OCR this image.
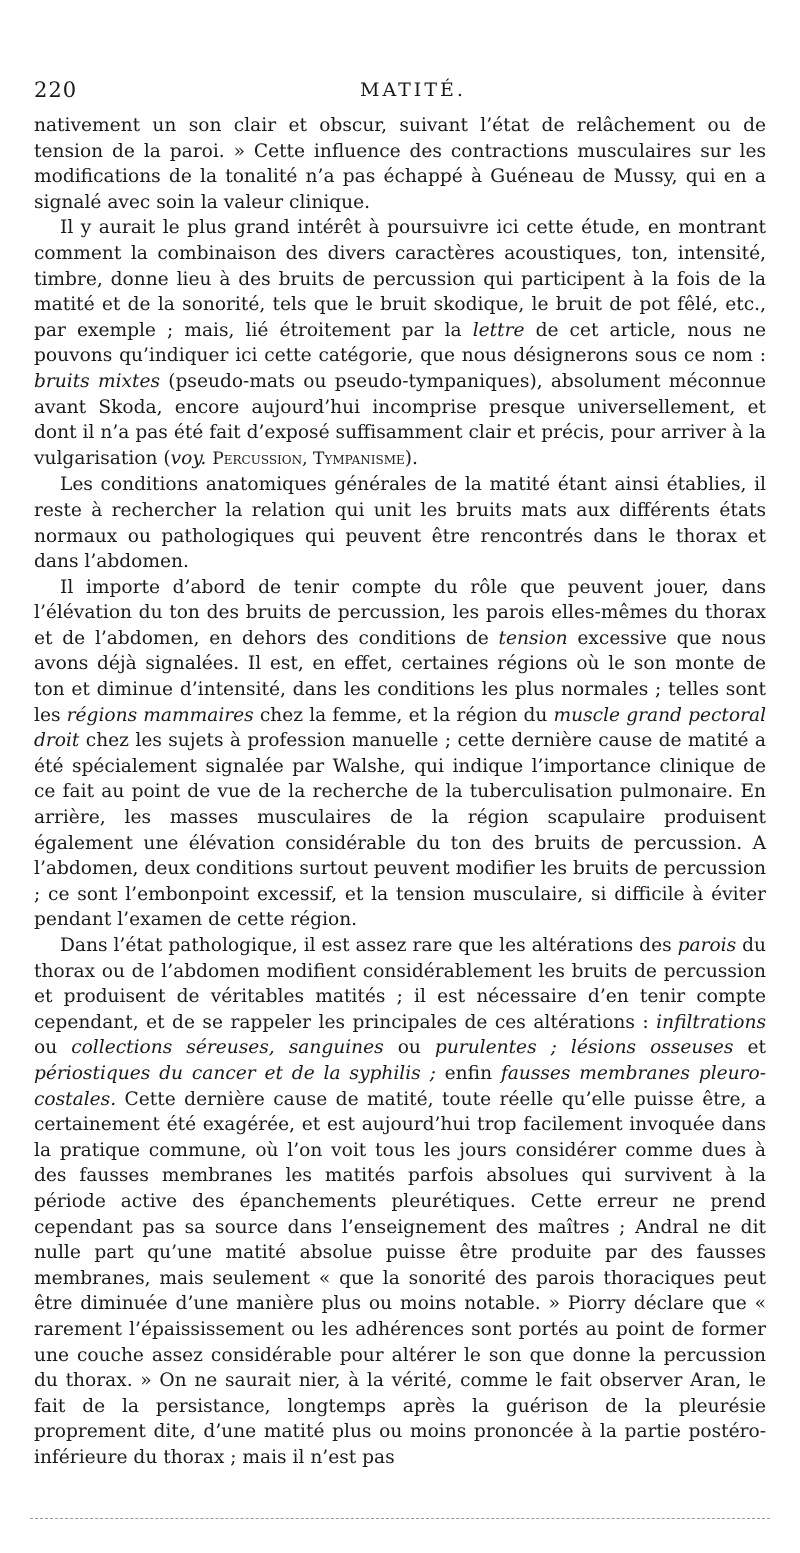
220	MATITÉ.

nativement un son clair et obscur, suivant l’état de relâchement ou de tension de la paroi. » Cette influence des contractions musculaires sur les modifications de la tonalité n’a pas échappé à Guéneau de Mussy, qui en a signalé avec soin la valeur clinique.

Il y aurait le plus grand intérêt à poursuivre ici cette étude, en montrant comment la combinaison des divers caractères acoustiques, ton, intensité, timbre, donne lieu à des bruits de percussion qui participent à la fois de la matité et de la sonorité, tels que le bruit skodique, le bruit de pot fêlé, etc., par exemple ; mais, lié étroitement par la lettre de cet article, nous ne pouvons qu’indiquer ici cette catégorie, que nous désignerons sous ce nom : bruits mixtes (pseudo-mats ou pseudo-tympaniques), absolument méconnue avant Skoda, encore aujourd’hui incomprise presque universellement, et dont il n’a pas été fait d’exposé suffisamment clair et précis, pour arriver à la vulgarisation (voy. Percussion, Tympanisme).

Les conditions anatomiques générales de la matité étant ainsi établies, il reste à rechercher la relation qui unit les bruits mats aux différents états normaux ou pathologiques qui peuvent être rencontrés dans le thorax et dans l’abdomen.

Il importe d’abord de tenir compte du rôle que peuvent jouer, dans l’élévation du ton des bruits de percussion, les parois elles-mêmes du thorax et de l’abdomen, en dehors des conditions de tension excessive que nous avons déjà signalées. Il est, en effet, certaines régions où le son monte de ton et diminue d’intensité, dans les conditions les plus normales ; telles sont les régions mammaires chez la femme, et la région du muscle grand pectoral droit chez les sujets à profession manuelle ; cette dernière cause de matité a été spécialement signalée par Walshe, qui indique l’importance clinique de ce fait au point de vue de la recherche de la tuberculisation pulmonaire. En arrière, les masses musculaires de la région scapulaire produisent également une élévation considérable du ton des bruits de percussion. A l’abdomen, deux conditions surtout peuvent modifier les bruits de percussion ; ce sont l’embonpoint excessif, et la tension musculaire, si difficile à éviter pendant l’examen de cette région.

Dans l’état pathologique, il est assez rare que les altérations des parois du thorax ou de l’abdomen modifient considérablement les bruits de percussion et produisent de véritables matités ; il est nécessaire d’en tenir compte cependant, et de se rappeler les principales de ces altérations : infiltrations ou collections séreuses, sanguines ou purulentes ; lésions osseuses et périostiques du cancer et de la syphilis ; enfin fausses membranes pleuro-costales. Cette dernière cause de matité, toute réelle qu’elle puisse être, a certainement été exagérée, et est aujourd’hui trop facilement invoquée dans la pratique commune, où l’on voit tous les jours considérer comme dues à des fausses membranes les matités parfois absolues qui survivent à la période active des épanchements pleurétiques. Cette erreur ne prend cependant pas sa source dans l’enseignement des maîtres ; Andral ne dit nulle part qu’une matité absolue puisse être produite par des fausses membranes, mais seulement « que la sonorité des parois thoraciques peut être diminuée d’une manière plus ou moins notable. » Piorry déclare que « rarement l’épaississement ou les adhérences sont portés au point de former une couche assez considérable pour altérer le son que donne la percussion du thorax. » On ne saurait nier, à la vérité, comme le fait observer Aran, le fait de la persistance, longtemps après la guérison de la pleurésie proprement dite, d’une matité plus ou moins prononcée à la partie postéro-inférieure du thorax ; mais il n’est pas
